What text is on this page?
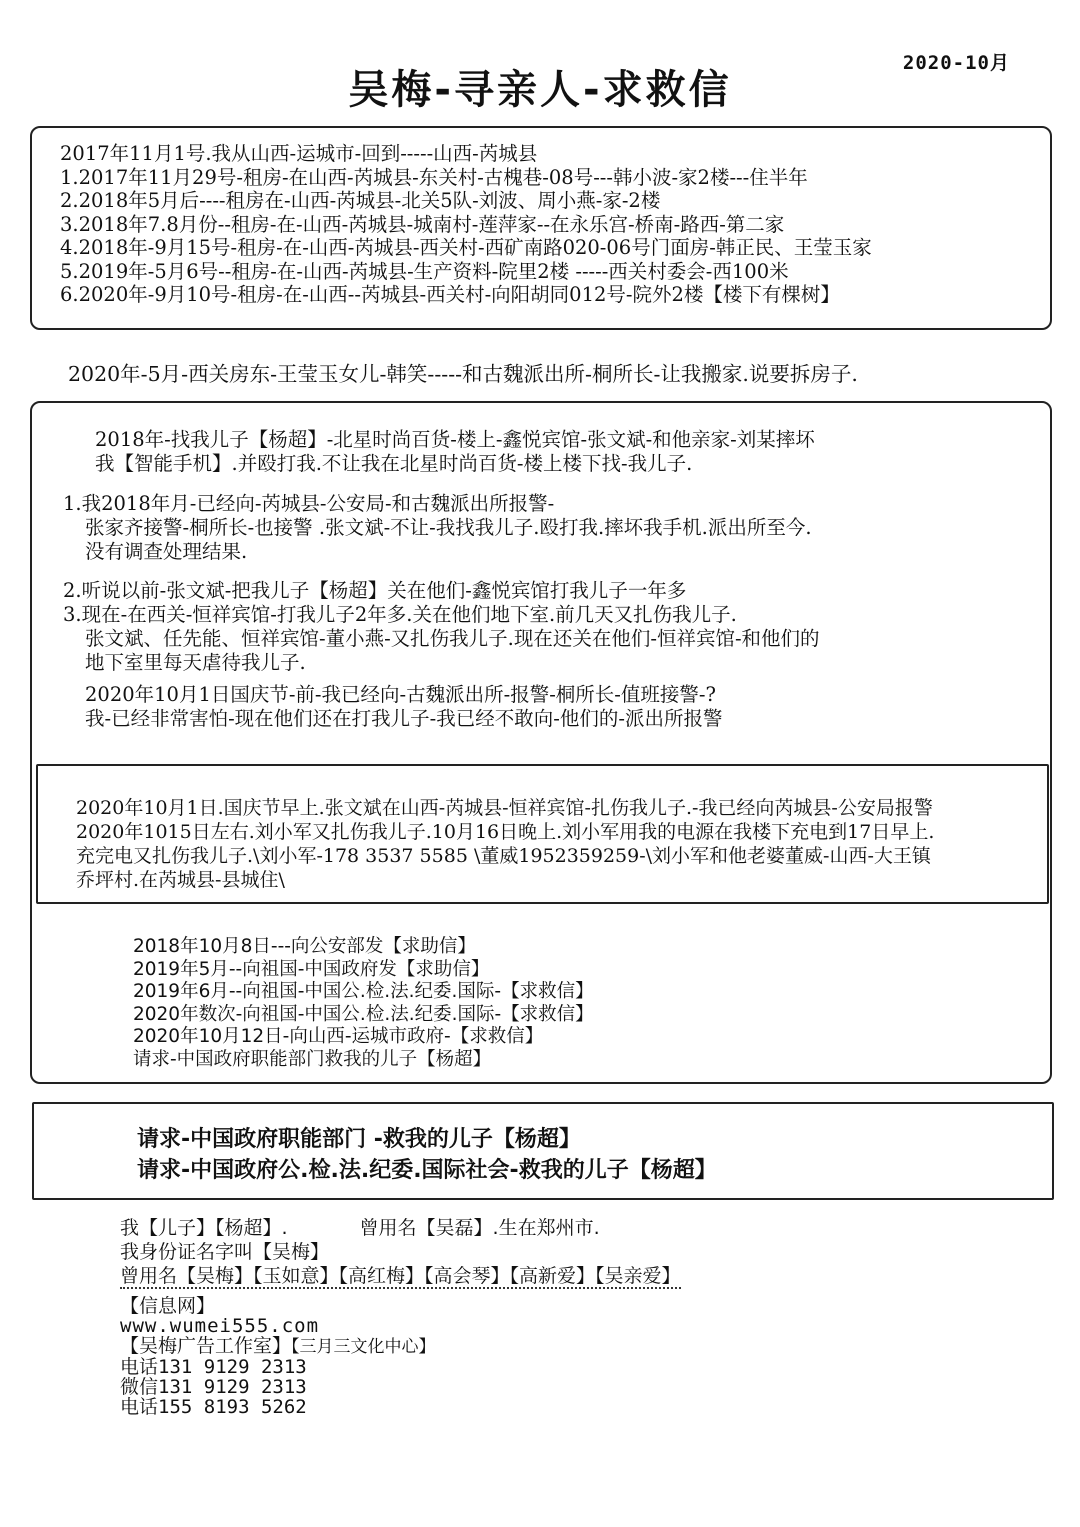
2020-10月
吴梅-寻亲人-求救信
2017年11月1号.我从山西-运城市-回到-----山西-芮城县
1.2017年11月29号-租房-在山西-芮城县-东关村-古槐巷-08号---韩小波-家2楼---住半年
2.2018年5月后----租房在-山西-芮城县-北关5队-刘波、周小燕-家-2楼
3.2018年7.8月份--租房-在-山西-芮城县-城南村-莲萍家--在永乐宫-桥南-路西-第二家
4.2018年-9月15号-租房-在-山西-芮城县-西关村-西矿南路020-06号门面房-韩正民、王莹玉家
5.2019年-5月6号--租房-在-山西-芮城县-生产资料-院里2楼 -----西关村委会-西100米
6.2020年-9月10号-租房-在-山西--芮城县-西关村-向阳胡同012号-院外2楼【楼下有棵树】
2020年-5月-西关房东-王莹玉女儿-韩笑-----和古魏派出所-桐所长-让我搬家.说要拆房子.
2018年-找我儿子【杨超】-北星时尚百货-楼上-鑫悦宾馆-张文斌-和他亲家-刘某摔坏
我【智能手机】.并殴打我.不让我在北星时尚百货-楼上楼下找-我儿子.
1.我2018年月-已经向-芮城县-公安局-和古魏派出所报警-
张家齐接警-桐所长-也接警 .张文斌-不让-我找我儿子.殴打我.摔坏我手机.派出所至今.
没有调查处理结果.
2.听说以前-张文斌-把我儿子【杨超】关在他们-鑫悦宾馆打我儿子一年多
3.现在-在西关-恒祥宾馆-打我儿子2年多.关在他们地下室.前几天又扎伤我儿子.
张文斌、任先能、恒祥宾馆-董小燕-又扎伤我儿子.现在还关在他们-恒祥宾馆-和他们的
地下室里每天虐待我儿子.
2020年10月1日国庆节-前-我已经向-古魏派出所-报警-桐所长-值班接警-?
我-已经非常害怕-现在他们还在打我儿子-我已经不敢向-他们的-派出所报警
2020年10月1日.国庆节早上.张文斌在山西-芮城县-恒祥宾馆-扎伤我儿子.-我已经向芮城县-公安局报警
2020年1015日左右.刘小军又扎伤我儿子.10月16日晚上.刘小军用我的电源在我楼下充电到17日早上.
充完电又扎伤我儿子.\刘小军-178 3537 5585 \董威1952359259-\刘小军和他老婆董威-山西-大王镇
乔坪村.在芮城县-县城住\
2018年10月8日---向公安部发【求助信】
2019年5月--向祖国-中国政府发【求助信】
2019年6月--向祖国-中国公.检.法.纪委.国际-【求救信】
2020年数次-向祖国-中国公.检.法.纪委.国际-【求救信】
2020年10月12日-向山西-运城市政府-【求救信】
请求-中国政府职能部门救我的儿子【杨超】
请求-中国政府职能部门 -救我的儿子【杨超】
请求-中国政府公.检.法.纪委.国际社会-救我的儿子【杨超】
我【儿子】【杨超】.	曾用名【吴磊】.生在郑州市.
我身份证名字叫【吴梅】
曾用名【吴梅】【玉如意】【高红梅】【高会琴】【高新爱】【吴亲爱】
【信息网】
www.wumei555.com
【吴梅广告工作室】【三月三文化中心】
电话131 9129 2313
微信131 9129 2313
电话155 8193 5262
